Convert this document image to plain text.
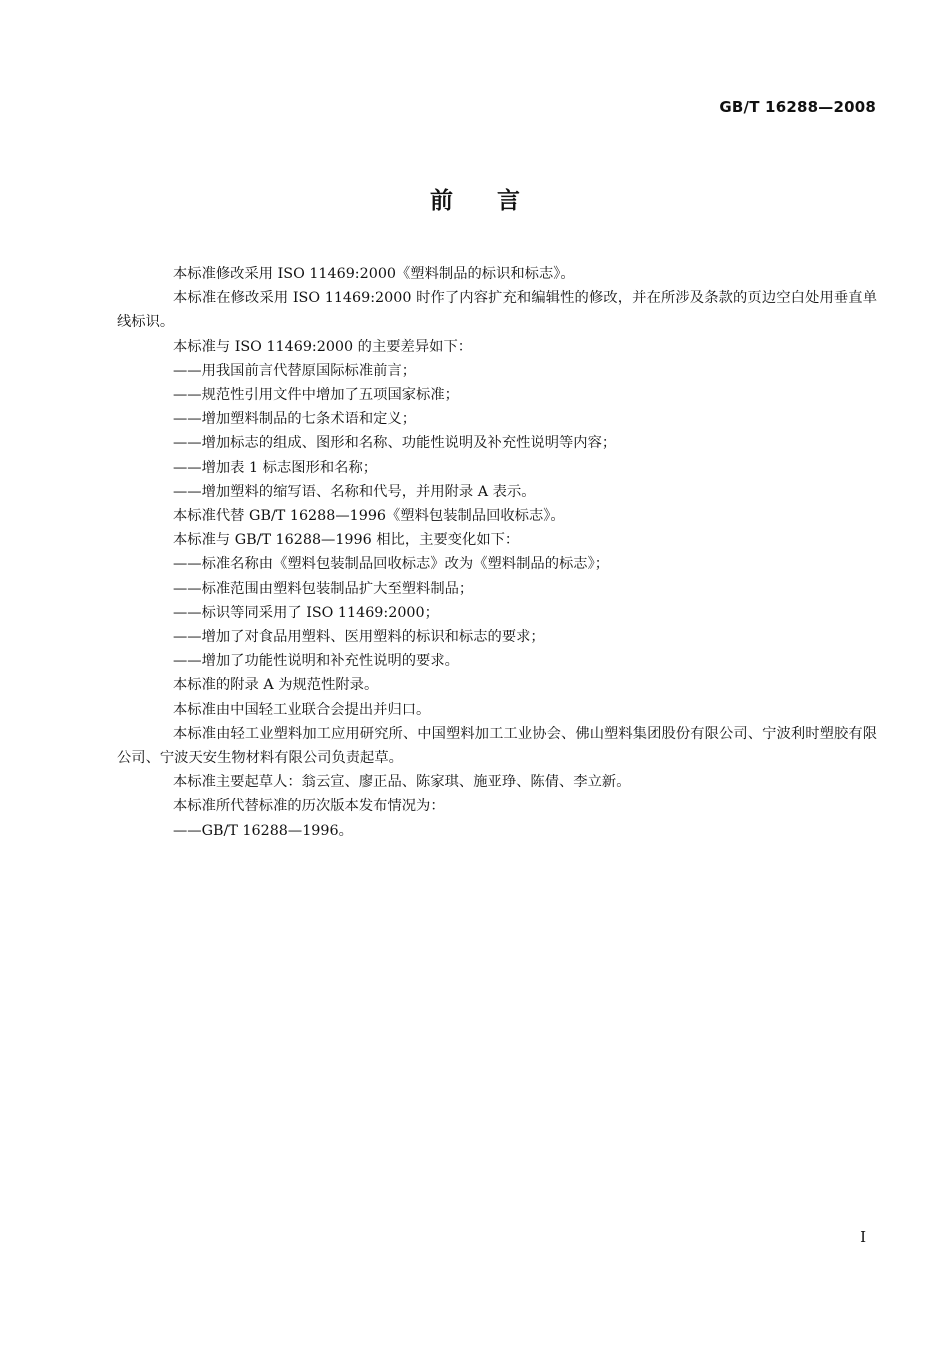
GB/T 16288—2008
前言

本标准修改采用 ISO 11469:2000《塑料制品的标识和标志》。

本标准在修改采用 ISO 11469:2000 时作了内容扩充和编辑性的修改，并在所涉及条款的页边空白处用垂直单线标识。

本标准与 ISO 11469:2000 的主要差异如下：

——用我国前言代替原国际标准前言；

——规范性引用文件中增加了五项国家标准；

——增加塑料制品的七条术语和定义；

——增加标志的组成、图形和名称、功能性说明及补充性说明等内容；

——增加表 1 标志图形和名称；

——增加塑料的缩写语、名称和代号，并用附录 A 表示。

本标准代替 GB/T 16288—1996《塑料包装制品回收标志》。

本标准与 GB/T 16288—1996 相比，主要变化如下：

——标准名称由《塑料包装制品回收标志》改为《塑料制品的标志》；

——标准范围由塑料包装制品扩大至塑料制品；

——标识等同采用了 ISO 11469:2000；

——增加了对食品用塑料、医用塑料的标识和标志的要求；

——增加了功能性说明和补充性说明的要求。

本标准的附录 A 为规范性附录。

本标准由中国轻工业联合会提出并归口。

本标准由轻工业塑料加工应用研究所、中国塑料加工工业协会、佛山塑料集团股份有限公司、宁波利时塑胶有限公司、宁波天安生物材料有限公司负责起草。

本标准主要起草人：翁云宣、廖正品、陈家琪、施亚琤、陈倩、李立新。

本标准所代替标准的历次版本发布情况为：

——GB/T 16288—1996。

I
